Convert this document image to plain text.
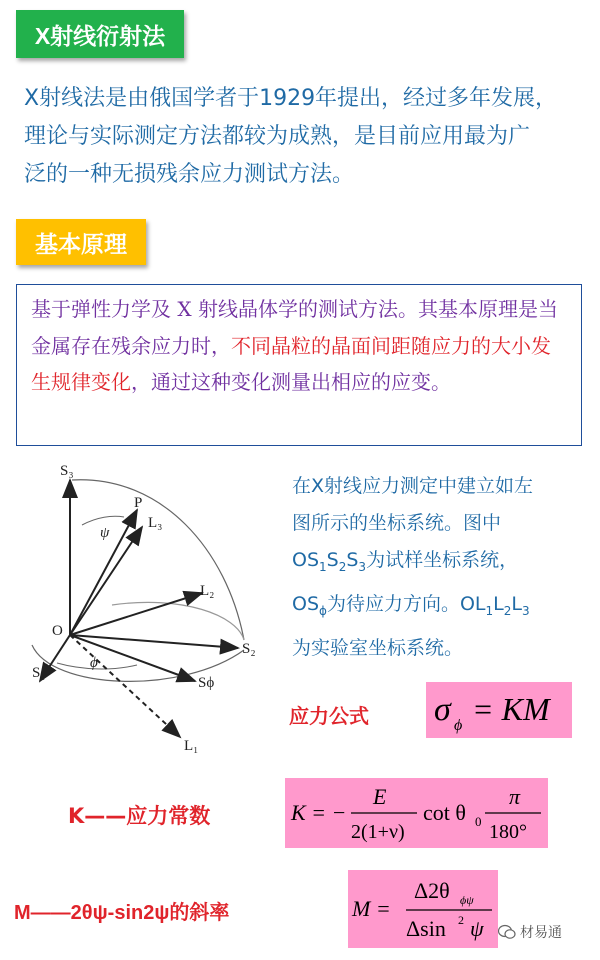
X射线衍射法
X射线法是由俄国学者于1929年提出，经过多年发展，
理论与实际测定方法都较为成熟，是目前应用最为广
泛的一种无损残余应力测试方法。
基本原理
基于弹性力学及 X 射线晶体学的测试方法。其基本原理是当金属存在残余应力时，不同晶粒的晶面间距随应力的大小发生规律变化，通过这种变化测量出相应的应变。
S₃
P
L₃
ψ
L₂
O
S₂
S₁
ϕ
Sϕ
L₁
在X射线应力测定中建立如左
图所示的坐标系统。图中
$OS_1S_2S_3$为试样坐标系统，
$OS_\phi$为待应力方向。$OL_1L_2L_3$
为实验室坐标系统。
应力公式
K——应力常数
M——2θψ-sin2ψ的斜率
σ ϕ = KM
K = −
E
2(1+ν)
cot θ 0
π
180°
M =
Δ2θ ϕψ
Δsin 2 ψ	材易通
